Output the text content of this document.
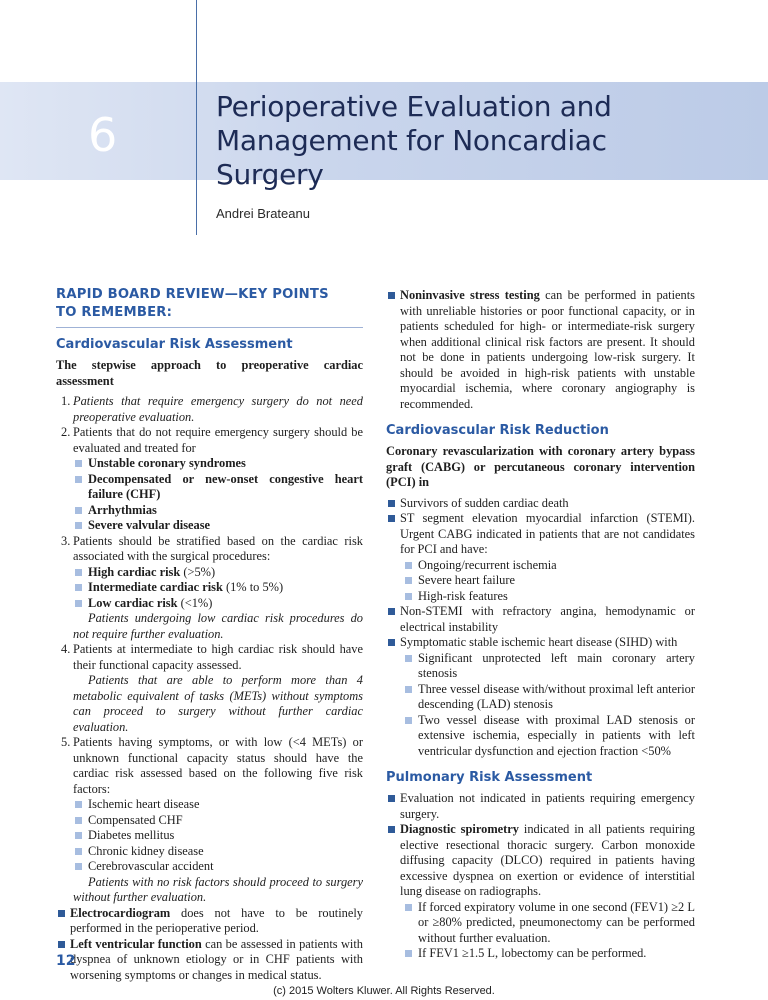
6
Perioperative Evaluation and
Management for Noncardiac
Surgery
Andrei Brateanu
RAPID BOARD REVIEW—KEY POINTS
TO REMEMBER:
Cardiovascular Risk Assessment
The stepwise approach to preoperative cardiac assessment
1. Patients that require emergency surgery do not need preoperative evaluation.
2. Patients that do not require emergency surgery should be evaluated and treated for
Unstable coronary syndromes
Decompensated or new-onset congestive heart failure (CHF)
Arrhythmias
Severe valvular disease
3. Patients should be stratified based on the cardiac risk associated with the surgical procedures:
High cardiac risk (>5%)
Intermediate cardiac risk (1% to 5%)
Low cardiac risk (<1%)
Patients undergoing low cardiac risk procedures do not require further evaluation.
4. Patients at intermediate to high cardiac risk should have their functional capacity assessed.
Patients that are able to perform more than 4 metabolic equivalent of tasks (METs) without symptoms can proceed to surgery without further cardiac evaluation.
5. Patients having symptoms, or with low (<4 METs) or unknown functional capacity status should have the cardiac risk assessed based on the following five risk factors:
Ischemic heart disease
Compensated CHF
Diabetes mellitus
Chronic kidney disease
Cerebrovascular accident
Patients with no risk factors should proceed to surgery without further evaluation.
Electrocardiogram does not have to be routinely performed in the perioperative period.
Left ventricular function can be assessed in patients with dyspnea of unknown etiology or in CHF patients with worsening symptoms or changes in medical status.
Noninvasive stress testing can be performed in patients with unreliable histories or poor functional capacity, or in patients scheduled for high- or intermediate-risk surgery when additional clinical risk factors are present. It should not be done in patients undergoing low-risk surgery. It should be avoided in high-risk patients with unstable myocardial ischemia, where coronary angiography is recommended.
Cardiovascular Risk Reduction
Coronary revascularization with coronary artery bypass graft (CABG) or percutaneous coronary intervention (PCI) in
Survivors of sudden cardiac death
ST segment elevation myocardial infarction (STEMI). Urgent CABG indicated in patients that are not candidates for PCI and have:
Ongoing/recurrent ischemia
Severe heart failure
High-risk features
Non-STEMI with refractory angina, hemodynamic or electrical instability
Symptomatic stable ischemic heart disease (SIHD) with
Significant unprotected left main coronary artery stenosis
Three vessel disease with/without proximal left anterior descending (LAD) stenosis
Two vessel disease with proximal LAD stenosis or extensive ischemia, especially in patients with left ventricular dysfunction and ejection fraction <50%
Pulmonary Risk Assessment
Evaluation not indicated in patients requiring emergency surgery.
Diagnostic spirometry indicated in all patients requiring elective resectional thoracic surgery. Carbon monoxide diffusing capacity (DLCO) required in patients having excessive dyspnea on exertion or evidence of interstitial lung disease on radiographs.
If forced expiratory volume in one second (FEV1) ≥2 L or ≥80% predicted, pneumonectomy can be performed without further evaluation.
If FEV1 ≥1.5 L, lobectomy can be performed.
12
(c) 2015 Wolters Kluwer. All Rights Reserved.
